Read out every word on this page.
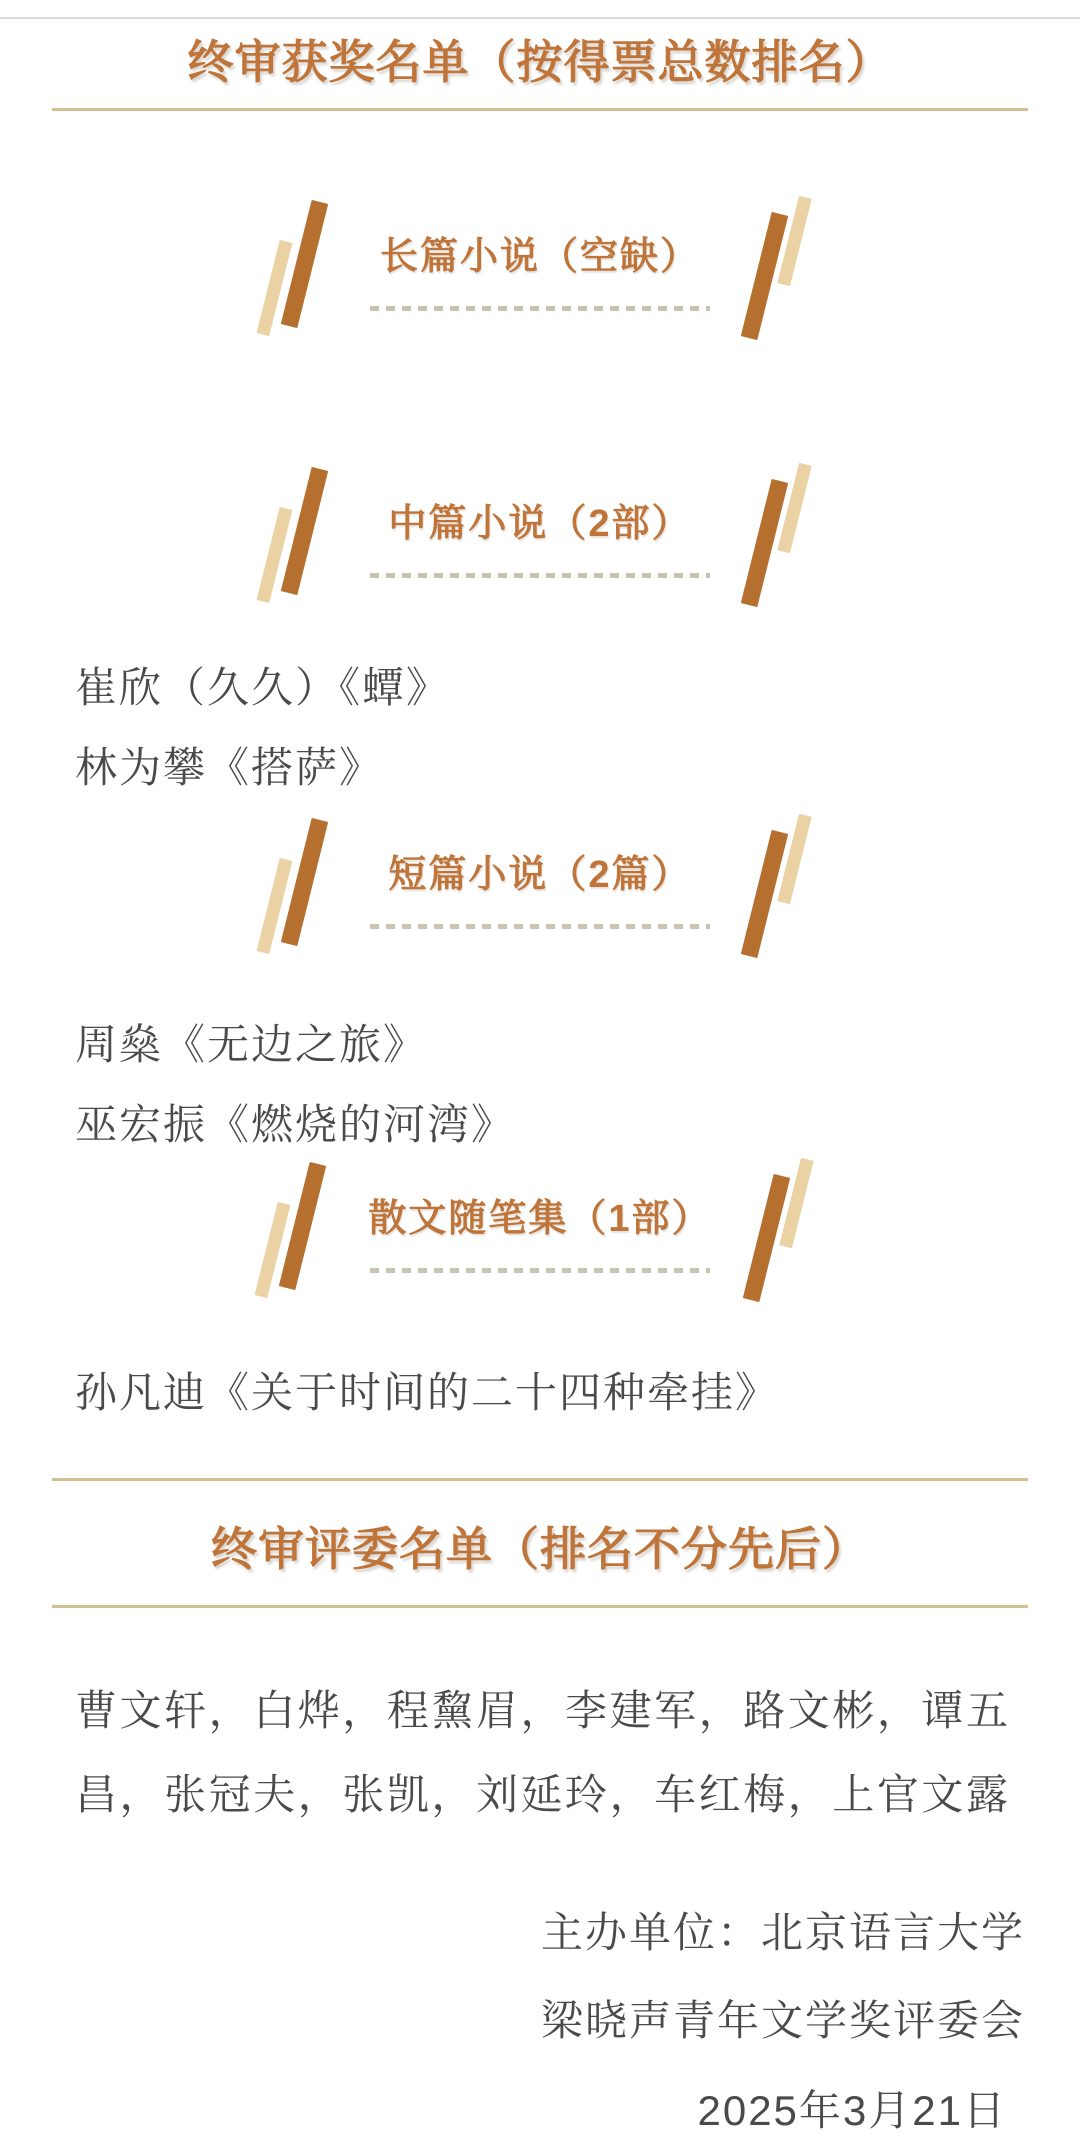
终审获奖名单（按得票总数排名）
长篇小说（空缺）
中篇小说（2部）
崔欣（久久）《蟫》
林为攀《搭萨》
短篇小说（2篇）
周燊《无边之旅》
巫宏振《燃烧的河湾》
散文随笔集（1部）
孙凡迪《关于时间的二十四种牵挂》
终审评委名单（排名不分先后）
曹文轩，白烨，程黧眉，李建军，路文彬，谭五
昌，张冠夫，张凯，刘延玲，车红梅，上官文露
主办单位：北京语言大学
梁晓声青年文学奖评委会
2025年3月21日
